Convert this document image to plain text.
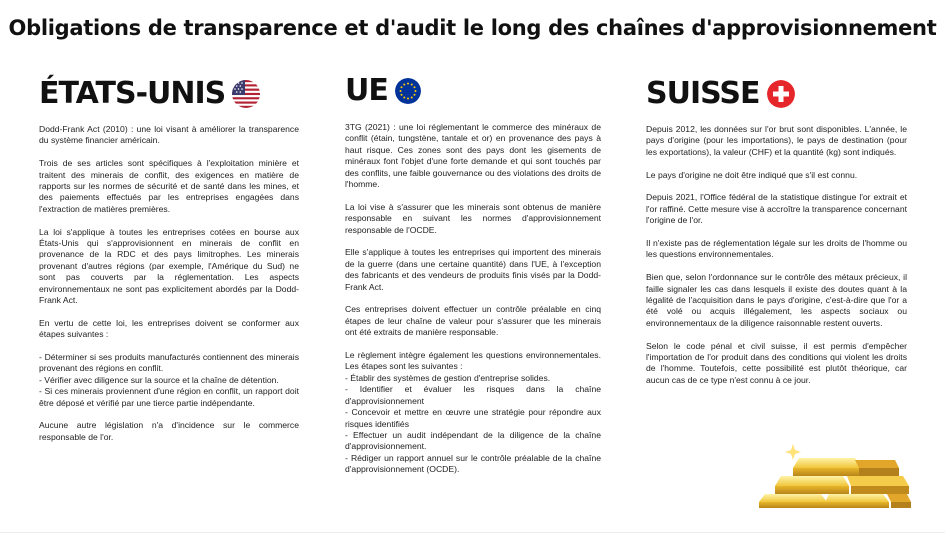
Obligations de transparence et d'audit le long des chaînes d'approvisionnement
ÉTATS-UNIS

Dodd-Frank Act (2010) : une loi visant à améliorer la transparence du système financier américain.

Trois de ses articles sont spécifiques à l'exploitation minière et traitent des minerais de conflit, des exigences en matière de rapports sur les normes de sécurité et de santé dans les mines, et des paiements effectués par les entreprises engagées dans l'extraction de matières premières.

La loi s'applique à toutes les entreprises cotées en bourse aux États-Unis qui s'approvisionnent en minerais de conflit en provenance de la RDC et des pays limitrophes. Les minerais provenant d'autres régions (par exemple, l'Amérique du Sud) ne sont pas couverts par la réglementation. Les aspects environnementaux ne sont pas explicitement abordés par la Dodd-Frank Act.

En vertu de cette loi, les entreprises doivent se conformer aux étapes suivantes :

- Déterminer si ses produits manufacturés contiennent des minerais provenant des régions en conflit.

- Vérifier avec diligence sur la source et la chaîne de détention.

- Si ces minerais proviennent d'une région en conflit, un rapport doit être déposé et vérifié par une tierce partie indépendante.

Aucune autre législation n'a d'incidence sur le commerce responsable de l'or.

UE

3TG (2021) : une loi réglementant le commerce des minéraux de conflit (étain, tungstène, tantale et or) en provenance des pays à haut risque. Ces zones sont des pays dont les gisements de minéraux font l'objet d'une forte demande et qui sont touchés par des conflits, une faible gouvernance ou des violations des droits de l'homme.

La loi vise à s'assurer que les minerais sont obtenus de manière responsable en suivant les normes d'approvisionnement responsable de l'OCDE.

Elle s'applique à toutes les entreprises qui importent des minerais de la guerre (dans une certaine quantité) dans l'UE, à l'exception des fabricants et des vendeurs de produits finis visés par la Dodd-Frank Act.

Ces entreprises doivent effectuer un contrôle préalable en cinq étapes de leur chaîne de valeur pour s'assurer que les minerais ont été extraits de manière responsable.

Le règlement intègre également les questions environnementales. Les étapes sont les suivantes :

- Établir des systèmes de gestion d'entreprise solides.

- Identifier et évaluer les risques dans la chaîne d'approvisionnement

- Concevoir et mettre en œuvre une stratégie pour répondre aux risques identifiés

- Effectuer un audit indépendant de la diligence de la chaîne d'approvisionnement.

- Rédiger un rapport annuel sur le contrôle préalable de la chaîne d'approvisionnement (OCDE).

SUISSE

Depuis 2012, les données sur l'or brut sont disponibles. L'année, le pays d'origine (pour les importations), le pays de destination (pour les exportations), la valeur (CHF) et la quantité (kg) sont indiqués.

Le pays d'origine ne doit être indiqué que s'il est connu.

Depuis 2021, l'Office fédéral de la statistique distingue l'or extrait et l'or raffiné. Cette mesure vise à accroître la transparence concernant l'origine de l'or.

Il n'existe pas de réglementation légale sur les droits de l'homme ou les questions environnementales.

Bien que, selon l'ordonnance sur le contrôle des métaux précieux, il faille signaler les cas dans lesquels il existe des doutes quant à la légalité de l'acquisition dans le pays d'origine, c'est-à-dire que l'or a été volé ou acquis illégalement, les aspects sociaux ou environnementaux de la diligence raisonnable restent ouverts.

Selon le code pénal et civil suisse, il est permis d'empêcher l'importation de l'or produit dans des conditions qui violent les droits de l'homme. Toutefois, cette possibilité est plutôt théorique, car aucun cas de ce type n'est connu à ce jour.
